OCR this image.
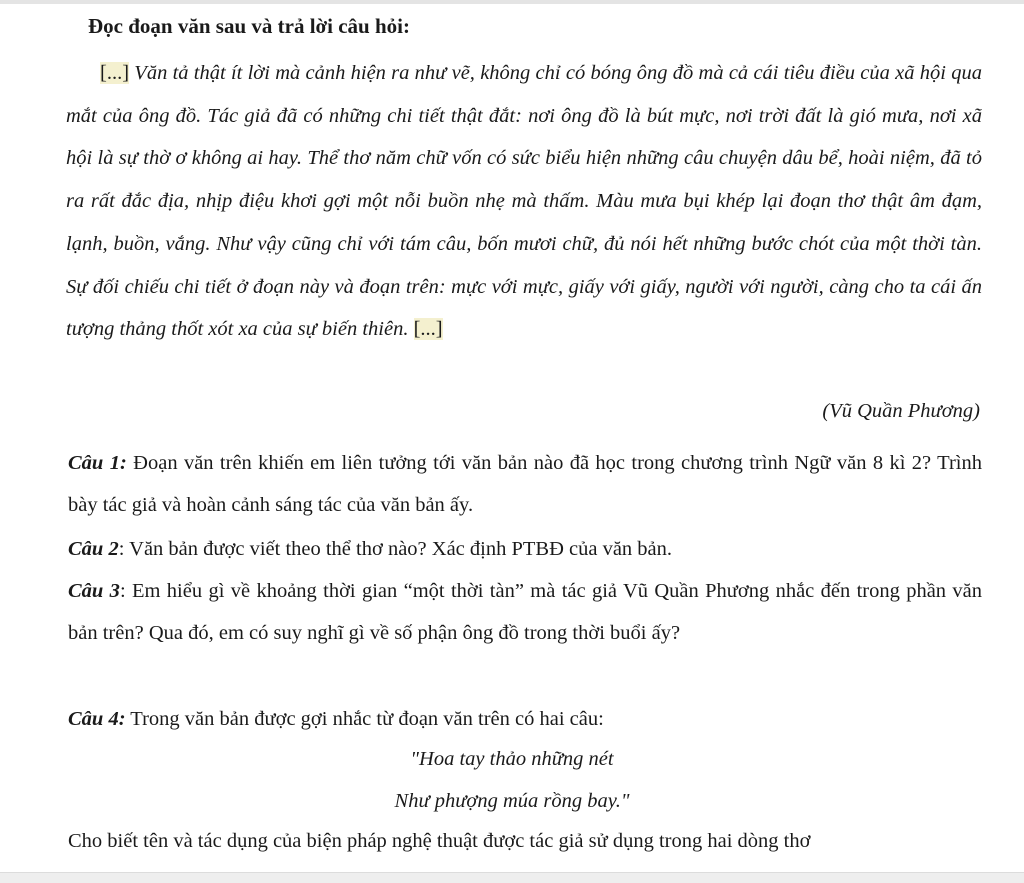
Đọc đoạn văn sau và trả lời câu hỏi:

[...] Văn tả thật ít lời mà cảnh hiện ra như vẽ, không chỉ có bóng ông đồ mà cả cái tiêu điều của xã hội qua mắt của ông đồ. Tác giả đã có những chi tiết thật đắt: nơi ông đồ là bút mực, nơi trời đất là gió mưa, nơi xã hội là sự thờ ơ không ai hay. Thể thơ năm chữ vốn có sức biểu hiện những câu chuyện dâu bể, hoài niệm, đã tỏ ra rất đắc địa, nhịp điệu khơi gợi một nỗi buồn nhẹ mà thấm. Màu mưa bụi khép lại đoạn thơ thật âm đạm, lạnh, buồn, vắng. Như vậy cũng chỉ với tám câu, bốn mươi chữ, đủ nói hết những bước chót của một thời tàn. Sự đối chiếu chi tiết ở đoạn này và đoạn trên: mực với mực, giấy với giấy, người với người, càng cho ta cái ấn tượng thảng thốt xót xa của sự biến thiên. [...]

(Vũ Quần Phương)

Câu 1: Đoạn văn trên khiến em liên tưởng tới văn bản nào đã học trong chương trình Ngữ văn 8 kì 2? Trình bày tác giả và hoàn cảnh sáng tác của văn bản ấy.

Câu 2: Văn bản được viết theo thể thơ nào? Xác định PTBĐ của văn bản.

Câu 3: Em hiểu gì về khoảng thời gian “một thời tàn” mà tác giả Vũ Quần Phương nhắc đến trong phần văn bản trên? Qua đó, em có suy nghĩ gì về số phận ông đồ trong thời buổi ấy?

Câu 4: Trong văn bản được gợi nhắc từ đoạn văn trên có hai câu:

"Hoa tay thảo những nét
Như phượng múa rồng bay."
Cho biết tên và tác dụng của biện pháp nghệ thuật được tác giả sử dụng trong hai dòng thơ
